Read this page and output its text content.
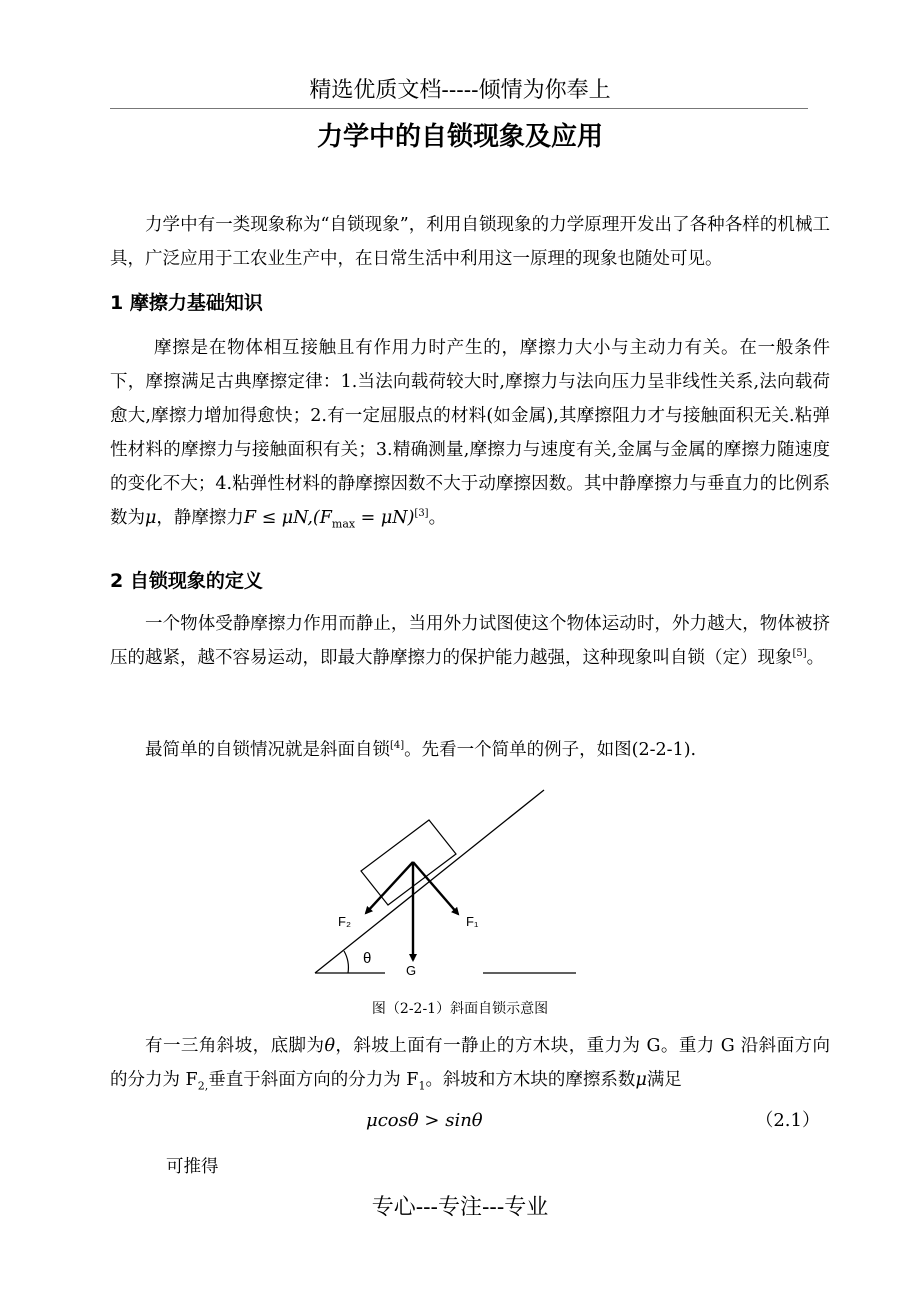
精选优质文档-----倾情为你奉上
力学中的自锁现象及应用

力学中有一类现象称为“自锁现象”，利用自锁现象的力学原理开发出了各种各样的机械工具，广泛应用于工农业生产中，在日常生活中利用这一原理的现象也随处可见。

1 摩擦力基础知识

摩擦是在物体相互接触且有作用力时产生的，摩擦力大小与主动力有关。在一般条件下，摩擦满足古典摩擦定律：1.当法向载荷较大时,摩擦力与法向压力呈非线性关系,法向载荷愈大,摩擦力增加得愈快；2.有一定屈服点的材料(如金属),其摩擦阻力才与接触面积无关.粘弹性材料的摩擦力与接触面积有关；3.精确测量,摩擦力与速度有关,金属与金属的摩擦力随速度的变化不大；4.粘弹性材料的静摩擦因数不大于动摩擦因数。其中静摩擦力与垂直力的比例系数为μ，静摩擦力$F \le \mu N,(F_{max} = \mu N)[3]$。

2 自锁现象的定义

一个物体受静摩擦力作用而静止，当用外力试图使这个物体运动时，外力越大，物体被挤压的越紧，越不容易运动，即最大静摩擦力的保护能力越强，这种现象叫自锁（定）现象[5]。

最简单的自锁情况就是斜面自锁[4]。先看一个简单的例子，如图(2-2-1).

F₂	F₁
θ
G
图（2-2-1）斜面自锁示意图

有一三角斜坡，底脚为θ，斜坡上面有一静止的方木块，重力为 G。重力 G 沿斜面方向的分力为 $F_{2,}$垂直于斜面方向的分力为 $F_1$。斜坡和方木块的摩擦系数μ满足

μcosθ > sinθ	（2.1）

可推得

专心---专注---专业
